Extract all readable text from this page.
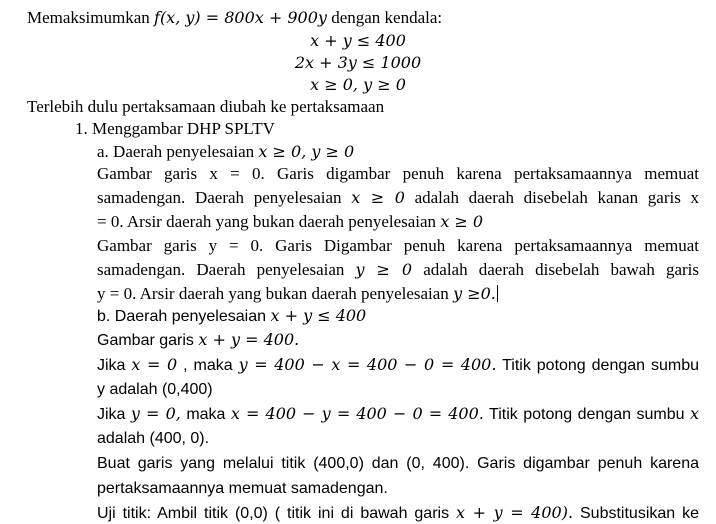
Memaksimumkan f(x, y) = 800x + 900y dengan kendala:
x + y ≤ 400
2x + 3y ≤ 1000
x ≥ 0, y ≥ 0
Terlebih dulu pertaksamaan diubah ke pertaksamaan
1. Menggambar DHP SPLTV
a. Daerah penyelesaian x ≥ 0, y ≥ 0
Gambar garis x = 0. Garis digambar penuh karena pertaksamaannya memuat
samadengan. Daerah penyelesaian x ≥ 0 adalah daerah disebelah kanan garis x
= 0. Arsir daerah yang bukan daerah penyelesaian x ≥ 0
Gambar garis y = 0. Garis Digambar penuh karena pertaksamaannya memuat
samadengan. Daerah penyelesaian y ≥ 0 adalah daerah disebelah bawah garis
y = 0. Arsir daerah yang bukan daerah penyelesaian y ≥0.
b. Daerah penyelesaian x + y ≤ 400
Gambar garis x + y = 400.
Jika x = 0 , maka y = 400 − x = 400 − 0 = 400. Titik potong dengan sumbu
y adalah (0,400)
Jika y = 0, maka x = 400 − y = 400 − 0 = 400. Titik potong dengan sumbu x
adalah (400, 0).
Buat garis yang melalui titik (400,0) dan (0, 400). Garis digambar penuh karena
pertaksamaannya memuat samadengan.
Uji titik: Ambil titik (0,0) ( titik ini di bawah garis x + y = 400). Substitusikan ke
